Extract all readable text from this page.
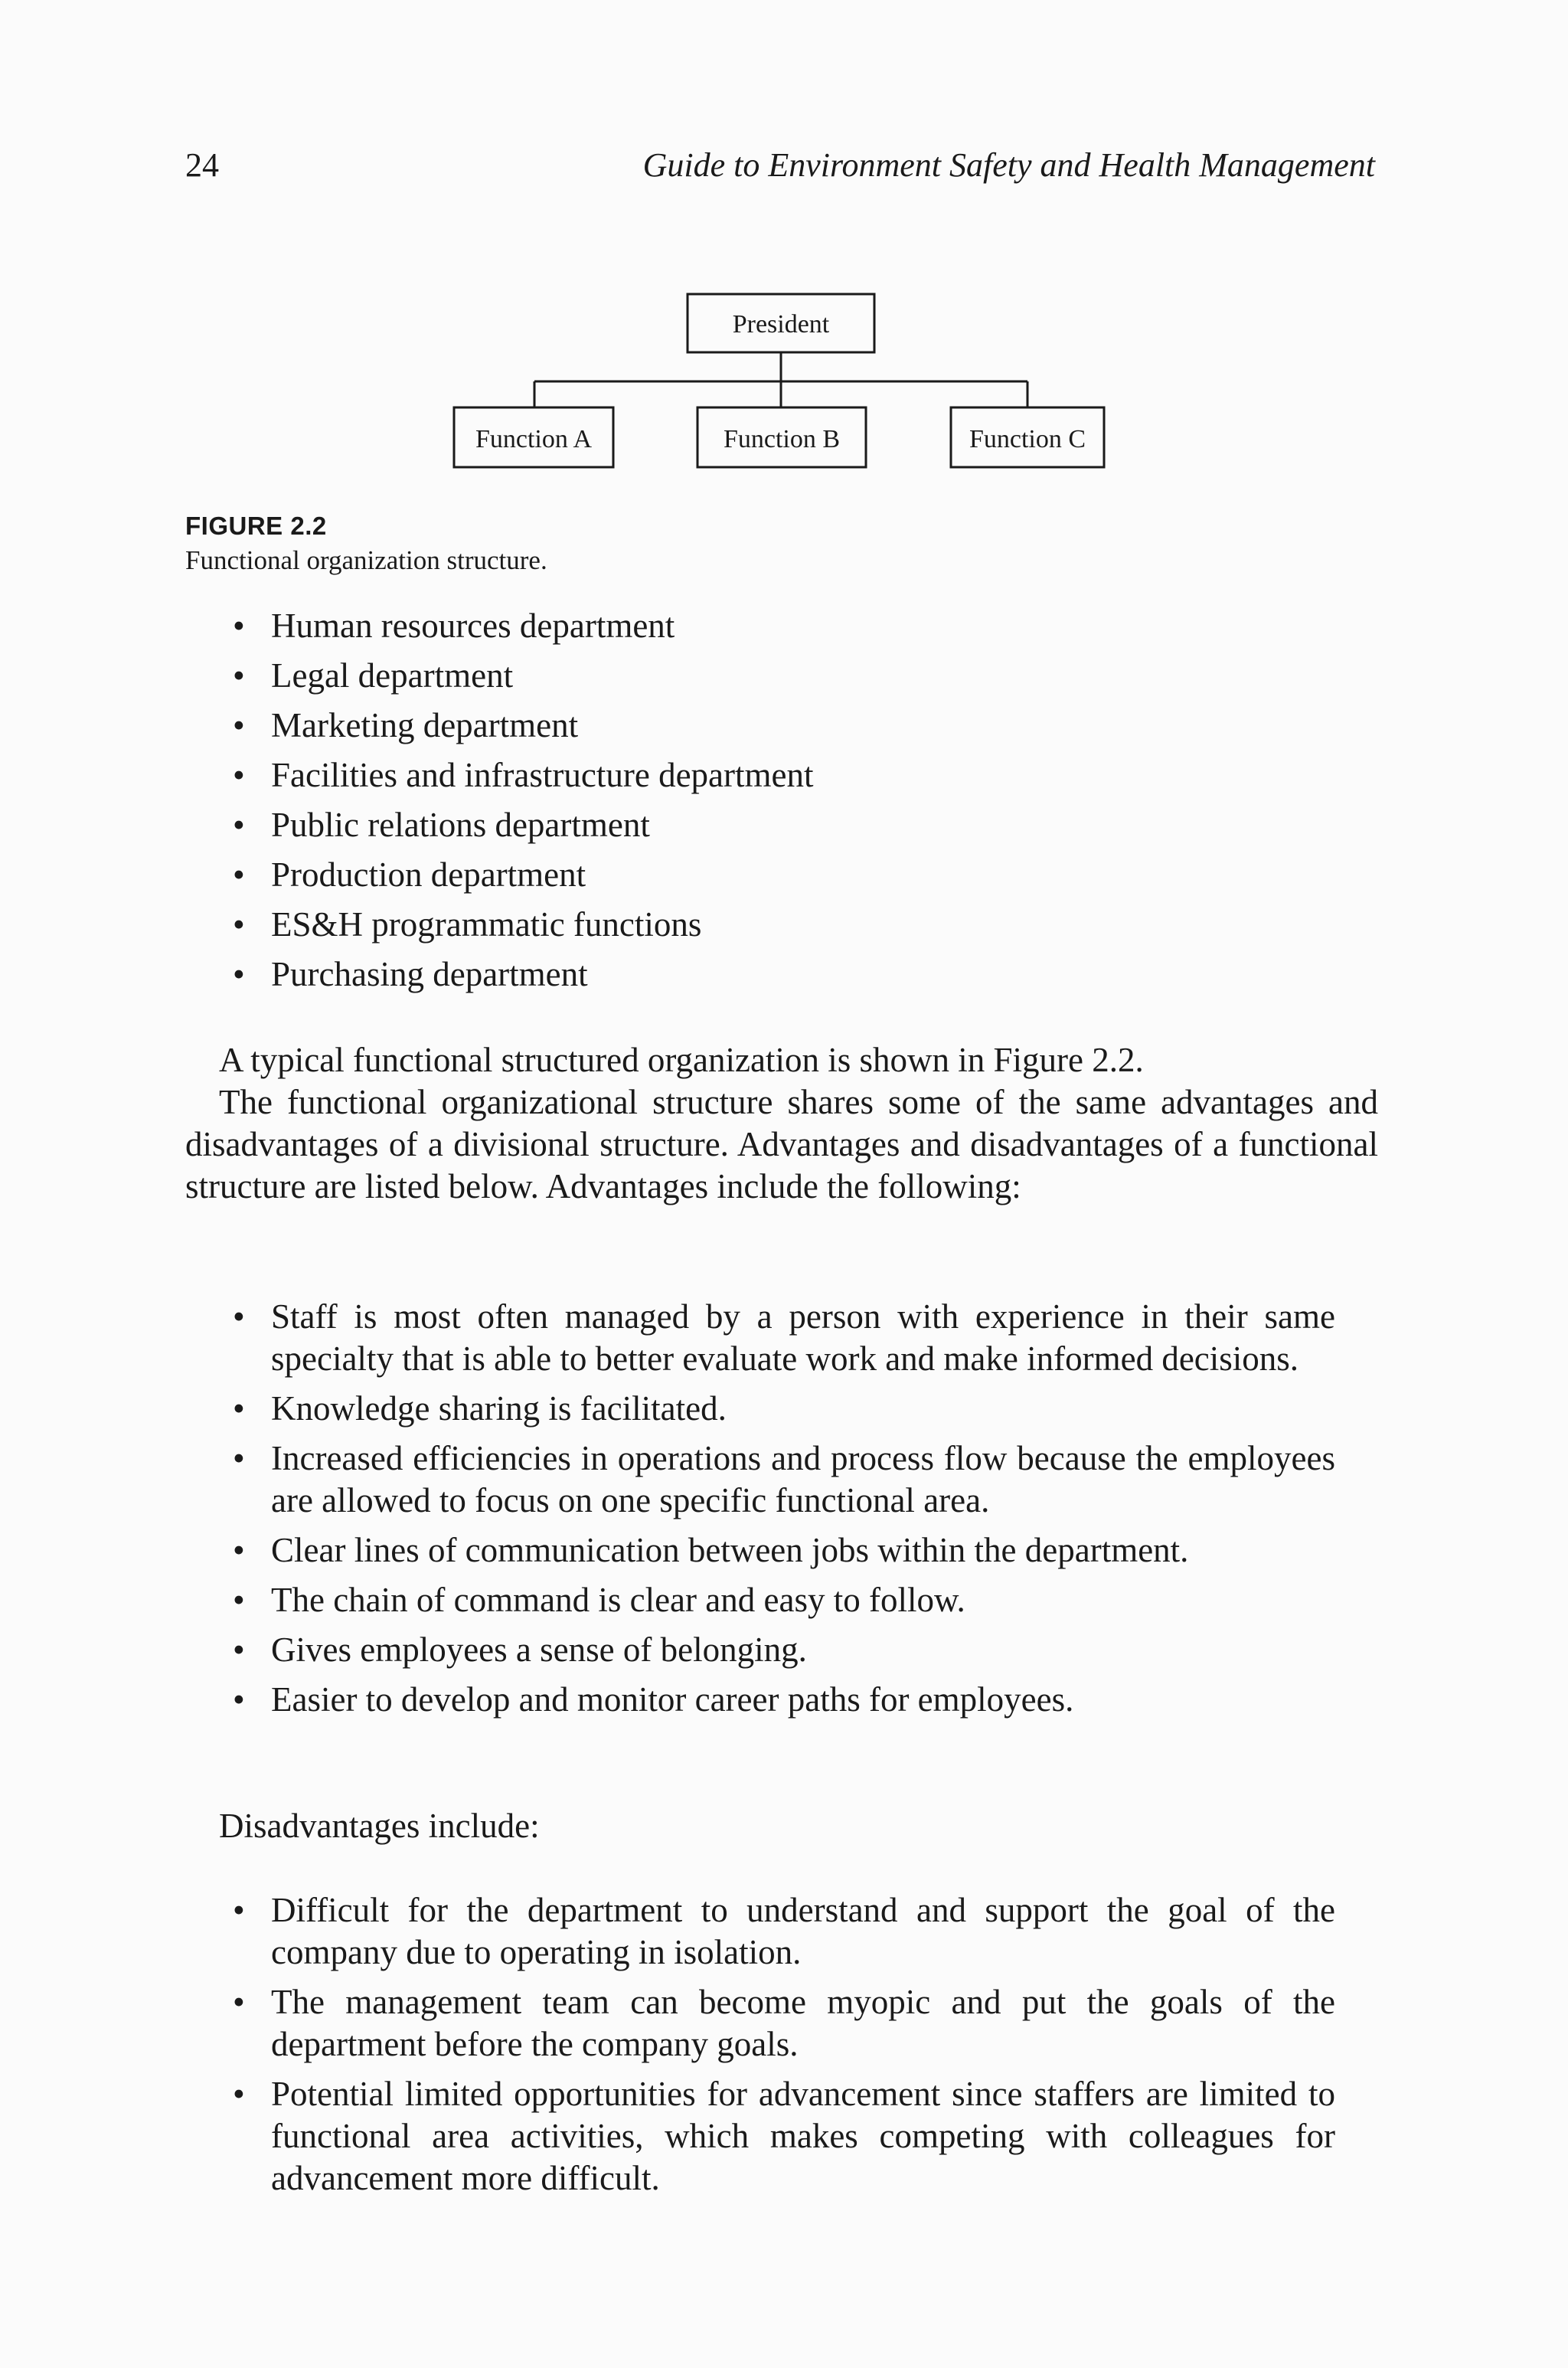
24	Guide to Environment Safety and Health Management
President
Function A	Function B	Function C
FIGURE 2.2
Functional organization structure.
• Human resources department
• Legal department
• Marketing department
• Facilities and infrastructure department
• Public relations department
• Production department
• ES&H programmatic functions
• Purchasing department
A typical functional structured organization is shown in Figure 2.2.
The functional organizational structure shares some of the same advantages and disadvantages of a divisional structure. Advantages and disadvantages of a functional structure are listed below. Advantages include the following:
• Staff is most often managed by a person with experience in their same specialty that is able to better evaluate work and make informed decisions.
• Knowledge sharing is facilitated.
• Increased efficiencies in operations and process flow because the employees are allowed to focus on one specific functional area.
• Clear lines of communication between jobs within the department.
• The chain of command is clear and easy to follow.
• Gives employees a sense of belonging.
• Easier to develop and monitor career paths for employees.
Disadvantages include:
• Difficult for the department to understand and support the goal of the company due to operating in isolation.
• The management team can become myopic and put the goals of the department before the company goals.
• Potential limited opportunities for advancement since staffers are limited to functional area activities, which makes competing with colleagues for advancement more difficult.
